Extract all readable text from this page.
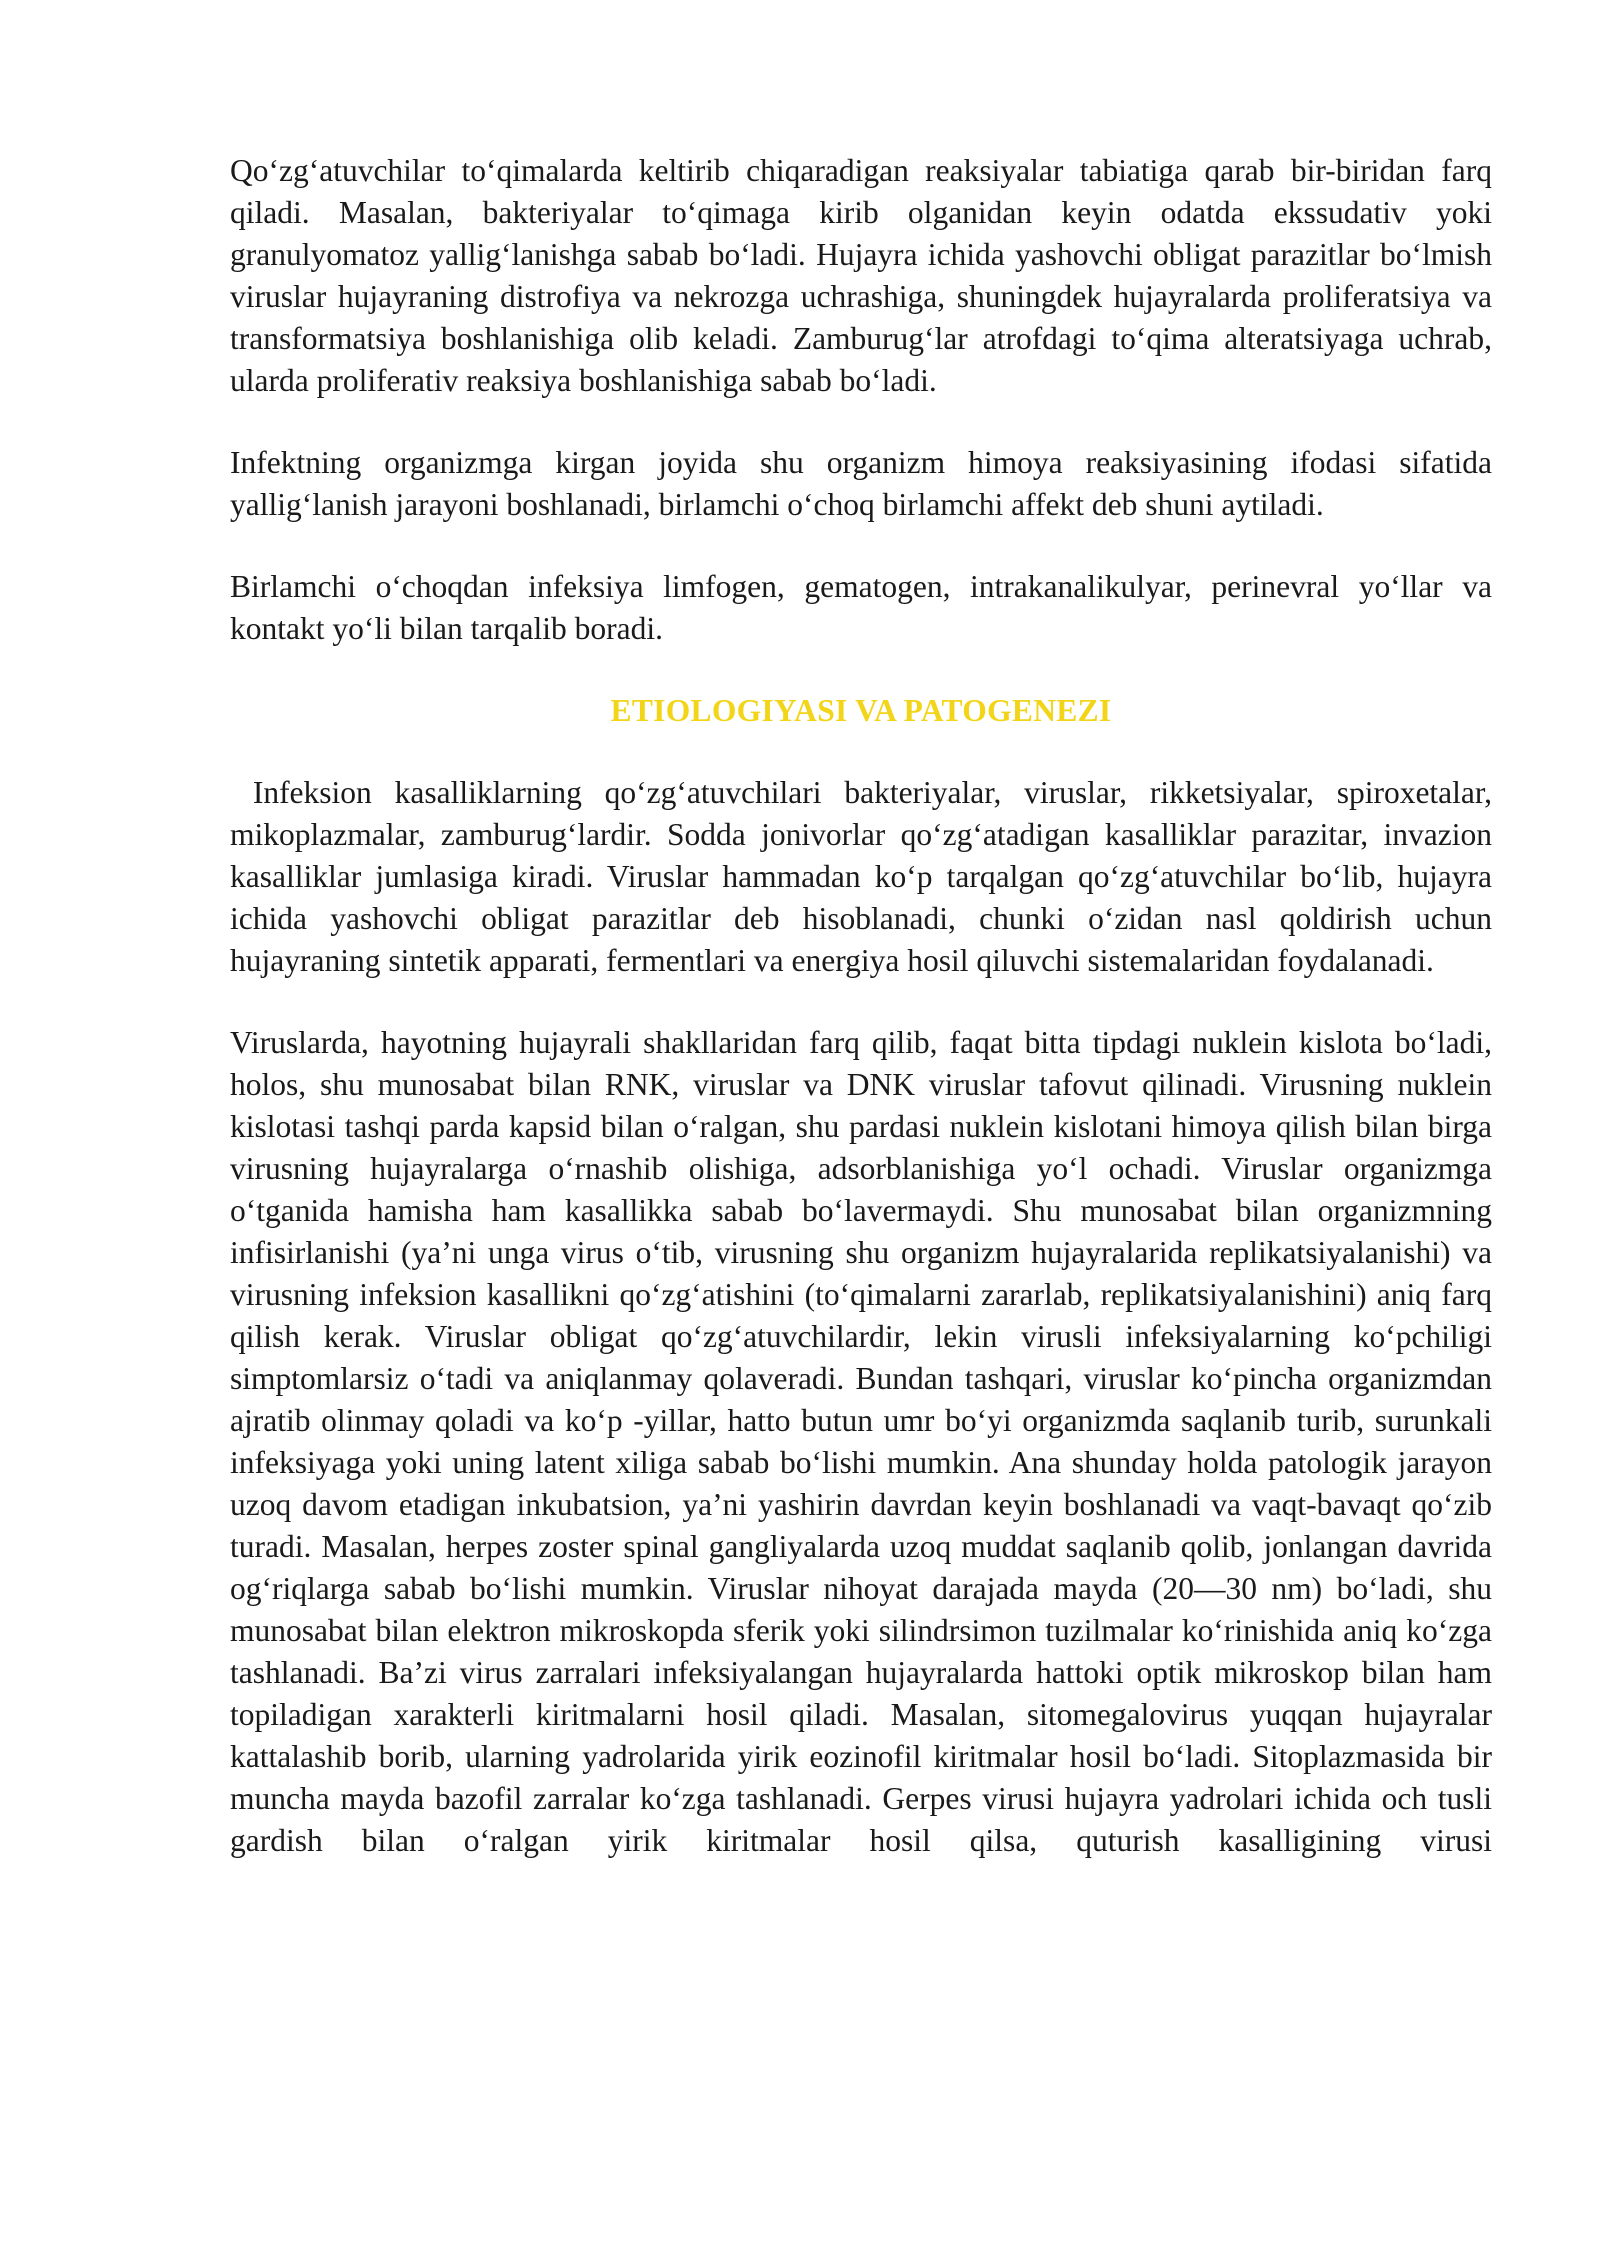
Qoʻzgʻatuvchilar toʻqimalarda keltirib chiqaradigan reaksiyalar tabiatiga qarab bir-biridan farq qiladi. Masalan, bakteriyalar toʻqimaga kirib olganidan keyin odatda ekssudativ yoki granulyomatoz yalligʻlanishga sabab boʻladi. Hujayra ichida yashovchi obligat parazitlar boʻlmish viruslar hujayraning distrofiya va nekrozga uchrashiga, shuningdek hujayralarda proliferatsiya va transformatsiya boshlanishiga olib keladi. Zamburugʻlar atrofdagi toʻqima alteratsiyaga uchrab, ularda proliferativ reaksiya boshlanishiga sabab boʻladi.

Infektning organizmga kirgan joyida shu organizm himoya reaksiyasining ifodasi sifatida yalligʻlanish jarayoni boshlanadi, birlamchi oʻchoq birlamchi affekt deb shuni aytiladi.

Birlamchi oʻchoqdan infeksiya limfogen, gematogen, intrakanalikulyar, perinevral yoʻllar va kontakt yoʻli bilan tarqalib boradi.

ETIOLOGIYASI VA PATOGENEZI

Infeksion kasalliklarning qoʻzgʻatuvchilari bakteriyalar, viruslar, rikketsiyalar, spiroxetalar, mikoplazmalar, zamburugʻlardir. Sodda jonivorlar qoʻzgʻatadigan kasalliklar parazitar, invazion kasalliklar jumlasiga kiradi. Viruslar hammadan koʻp tarqalgan qoʻzgʻatuvchilar boʻlib, hujayra ichida yashovchi obligat parazitlar deb hisoblanadi, chunki oʻzidan nasl qoldirish uchun hujayraning sintetik apparati, fermentlari va energiya hosil qiluvchi sistemalaridan foydalanadi.

Viruslarda, hayotning hujayrali shakllaridan farq qilib, faqat bitta tipdagi nuklein kislota boʻladi, holos, shu munosabat bilan RNK, viruslar va DNK viruslar tafovut qilinadi. Virusning nuklein kislotasi tashqi parda kapsid bilan oʻralgan, shu pardasi nuklein kislotani himoya qilish bilan birga virusning hujayralarga oʻrnashib olishiga, adsorblanishiga yoʻl ochadi. Viruslar organizmga oʻtganida hamisha ham kasallikka sabab boʻlavermaydi. Shu munosabat bilan organizmning infisirlanishi (yaʼni unga virus oʻtib, virusning shu organizm hujayralarida replikatsiyalanishi) va virusning infeksion kasallikni qoʻzgʻatishini (toʻqimalarni zararlab, replikatsiyalanishini) aniq farq qilish kerak. Viruslar obligat qoʻzgʻatuvchilardir, lekin virusli infeksiyalarning koʻpchiligi simptomlarsiz oʻtadi va aniqlanmay qolaveradi. Bundan tashqari, viruslar koʻpincha organizmdan ajratib olinmay qoladi va koʻp -yillar, hatto butun umr boʻyi organizmda saqlanib turib, surunkali infeksiyaga yoki uning latent xiliga sabab boʻlishi mumkin. Ana shunday holda patologik jarayon uzoq davom etadigan inkubatsion, yaʼni yashirin davrdan keyin boshlanadi va vaqt-bavaqt qoʻzib turadi. Masalan, herpes zoster spinal gangliyalarda uzoq muddat saqlanib qolib, jonlangan davrida ogʻriqlarga sabab boʻlishi mumkin. Viruslar nihoyat darajada mayda (20—30 nm) boʻladi, shu munosabat bilan elektron mikroskopda sferik yoki silindrsimon tuzilmalar koʻrinishida aniq koʻzga tashlanadi. Baʼzi virus zarralari infeksiyalangan hujayralarda hattoki optik mikroskop bilan ham topiladigan xarakterli kiritmalarni hosil qiladi. Masalan, sitomegalovirus yuqqan hujayralar kattalashib borib, ularning yadrolarida yirik eozinofil kiritmalar hosil boʻladi. Sitoplazmasida bir muncha mayda bazofil zarralar koʻzga tashlanadi. Gerpes virusi hujayra yadrolari ichida och tusli gardish bilan oʻralgan yirik kiritmalar hosil qilsa, quturish kasalligining virusi
